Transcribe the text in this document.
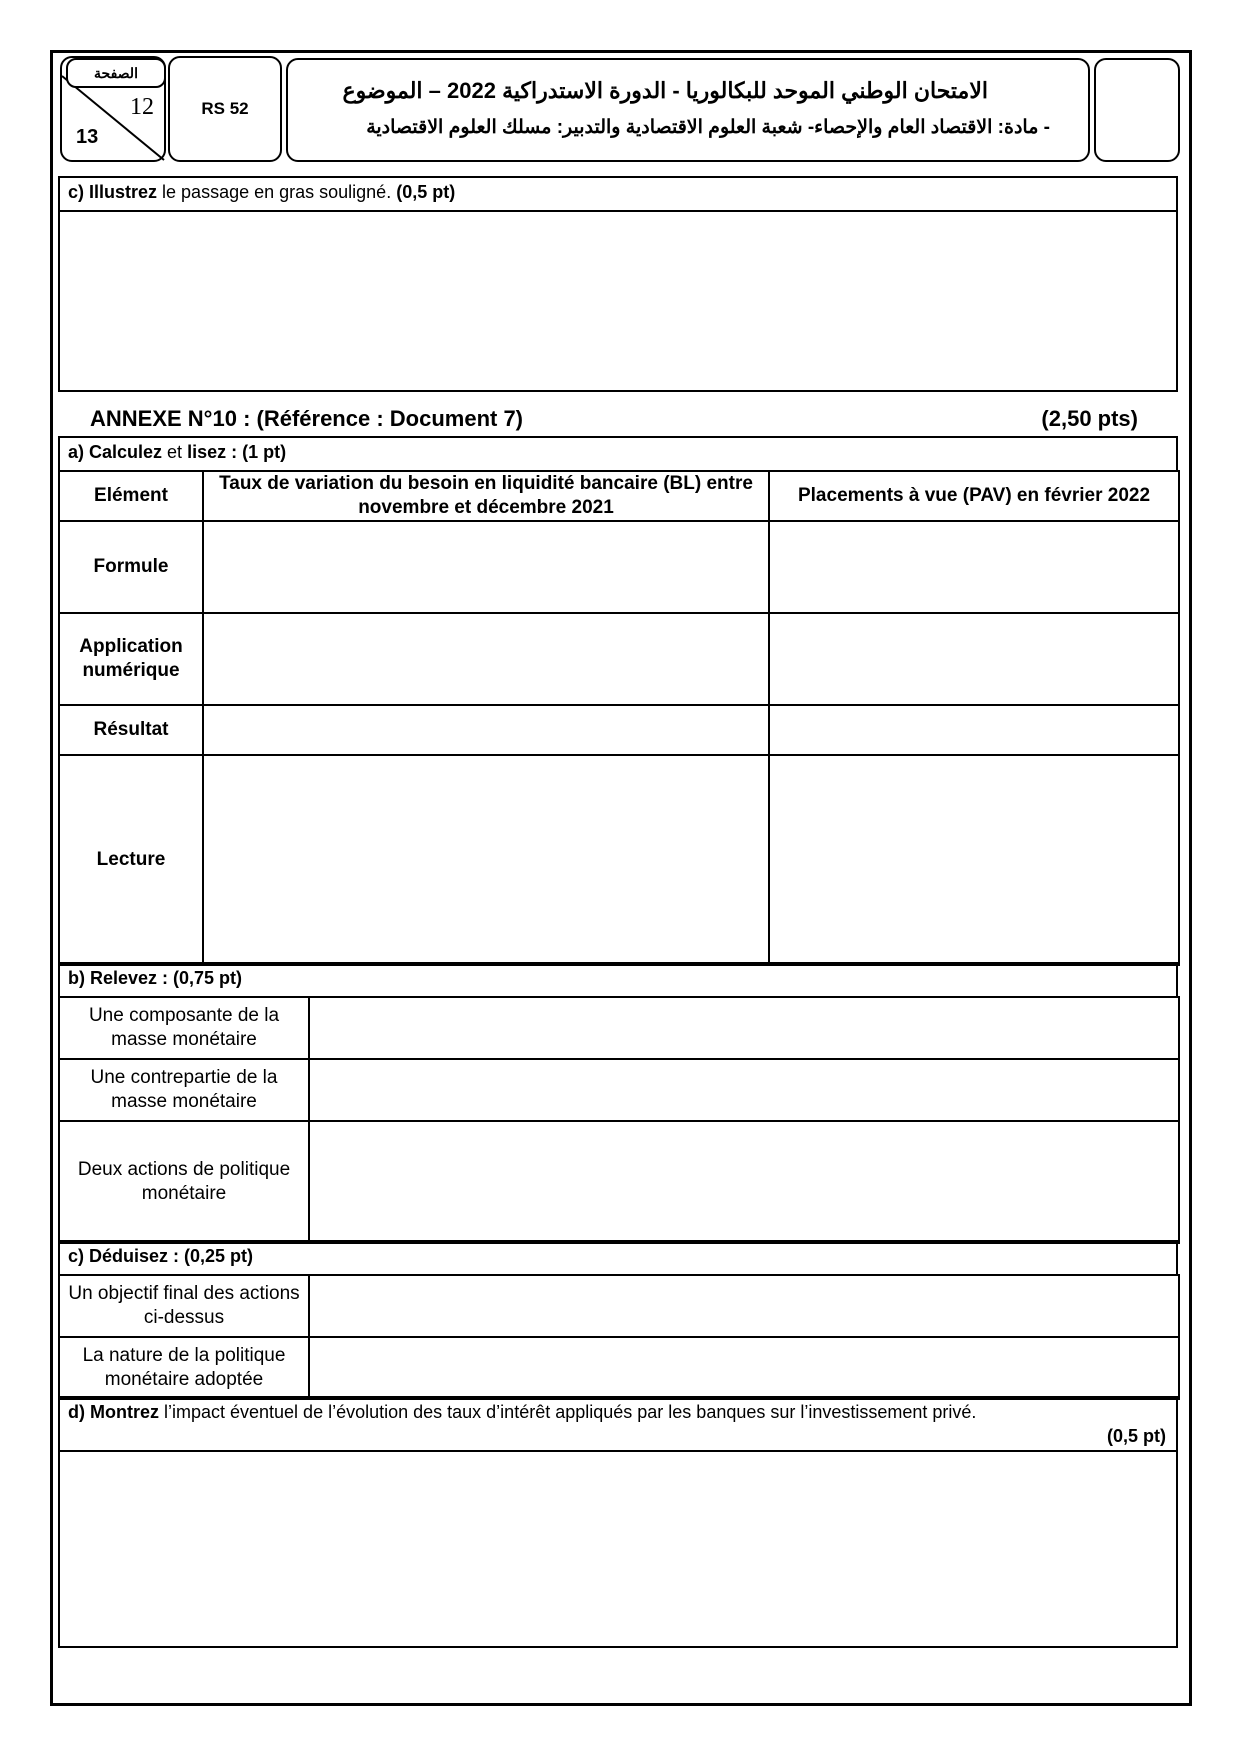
الصفحة
12
13
RS 52
الامتحان الوطني الموحد للبكالوريا - الدورة الاستدراكية 2022 – الموضوع
- مادة: الاقتصاد العام والإحصاء- شعبة العلوم الاقتصادية والتدبير: مسلك العلوم الاقتصادية
c) Illustrez le passage en gras souligné. (0,5 pt)
ANNEXE N°10 : (Référence : Document 7)	(2,50 pts)
a) Calculez et lisez : (1 pt)
Elément	Taux de variation du besoin en liquidité bancaire (BL) entre novembre et décembre 2021	Placements à vue (PAV) en février 2022
Formule		
Application numérique		
Résultat		
Lecture		
b) Relevez : (0,75 pt)
Une composante de la masse monétaire	
Une contrepartie de la masse monétaire	
Deux actions de politique monétaire	
c) Déduisez : (0,25 pt)
Un objectif final des actions ci-dessus	
La nature de la politique monétaire adoptée	
d) Montrez l’impact éventuel de l’évolution des taux d’intérêt appliqués par les banques sur l’investissement privé.
(0,5 pt)
